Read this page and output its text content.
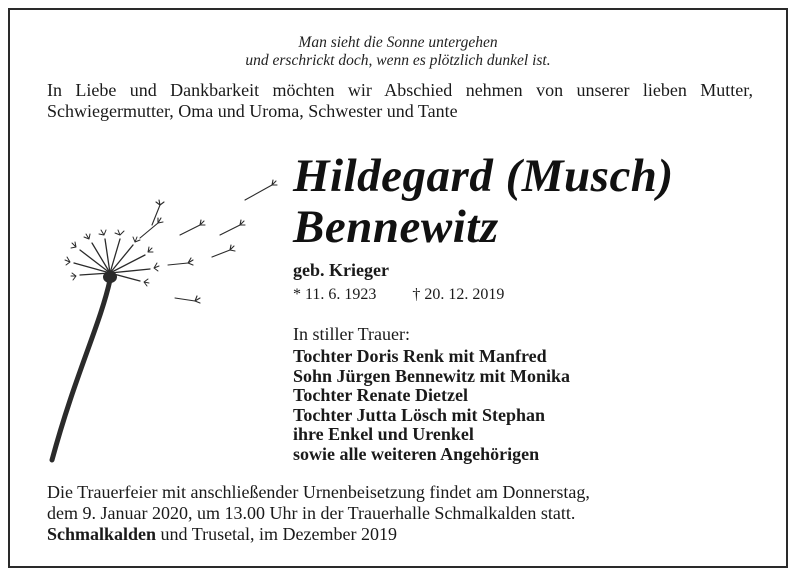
Man sieht die Sonne untergehen
und erschrickt doch, wenn es plötzlich dunkel ist.
In Liebe und Dankbarkeit möchten wir Abschied nehmen von unserer lieben Mutter, Schwiegermutter, Oma und Uroma, Schwester und Tante
Hildegard (Musch)
Bennewitz
geb. Krieger
* 11. 6. 1923 † 20. 12. 2019
In stiller Trauer:
Tochter Doris Renk mit Manfred
Sohn Jürgen Bennewitz mit Monika
Tochter Renate Dietzel
Tochter Jutta Lösch mit Stephan
ihre Enkel und Urenkel
sowie alle weiteren Angehörigen
Die Trauerfeier mit anschließender Urnenbeisetzung findet am Donnerstag,
dem 9. Januar 2020, um 13.00 Uhr in der Trauerhalle Schmalkalden statt.
Schmalkalden und Trusetal, im Dezember 2019
